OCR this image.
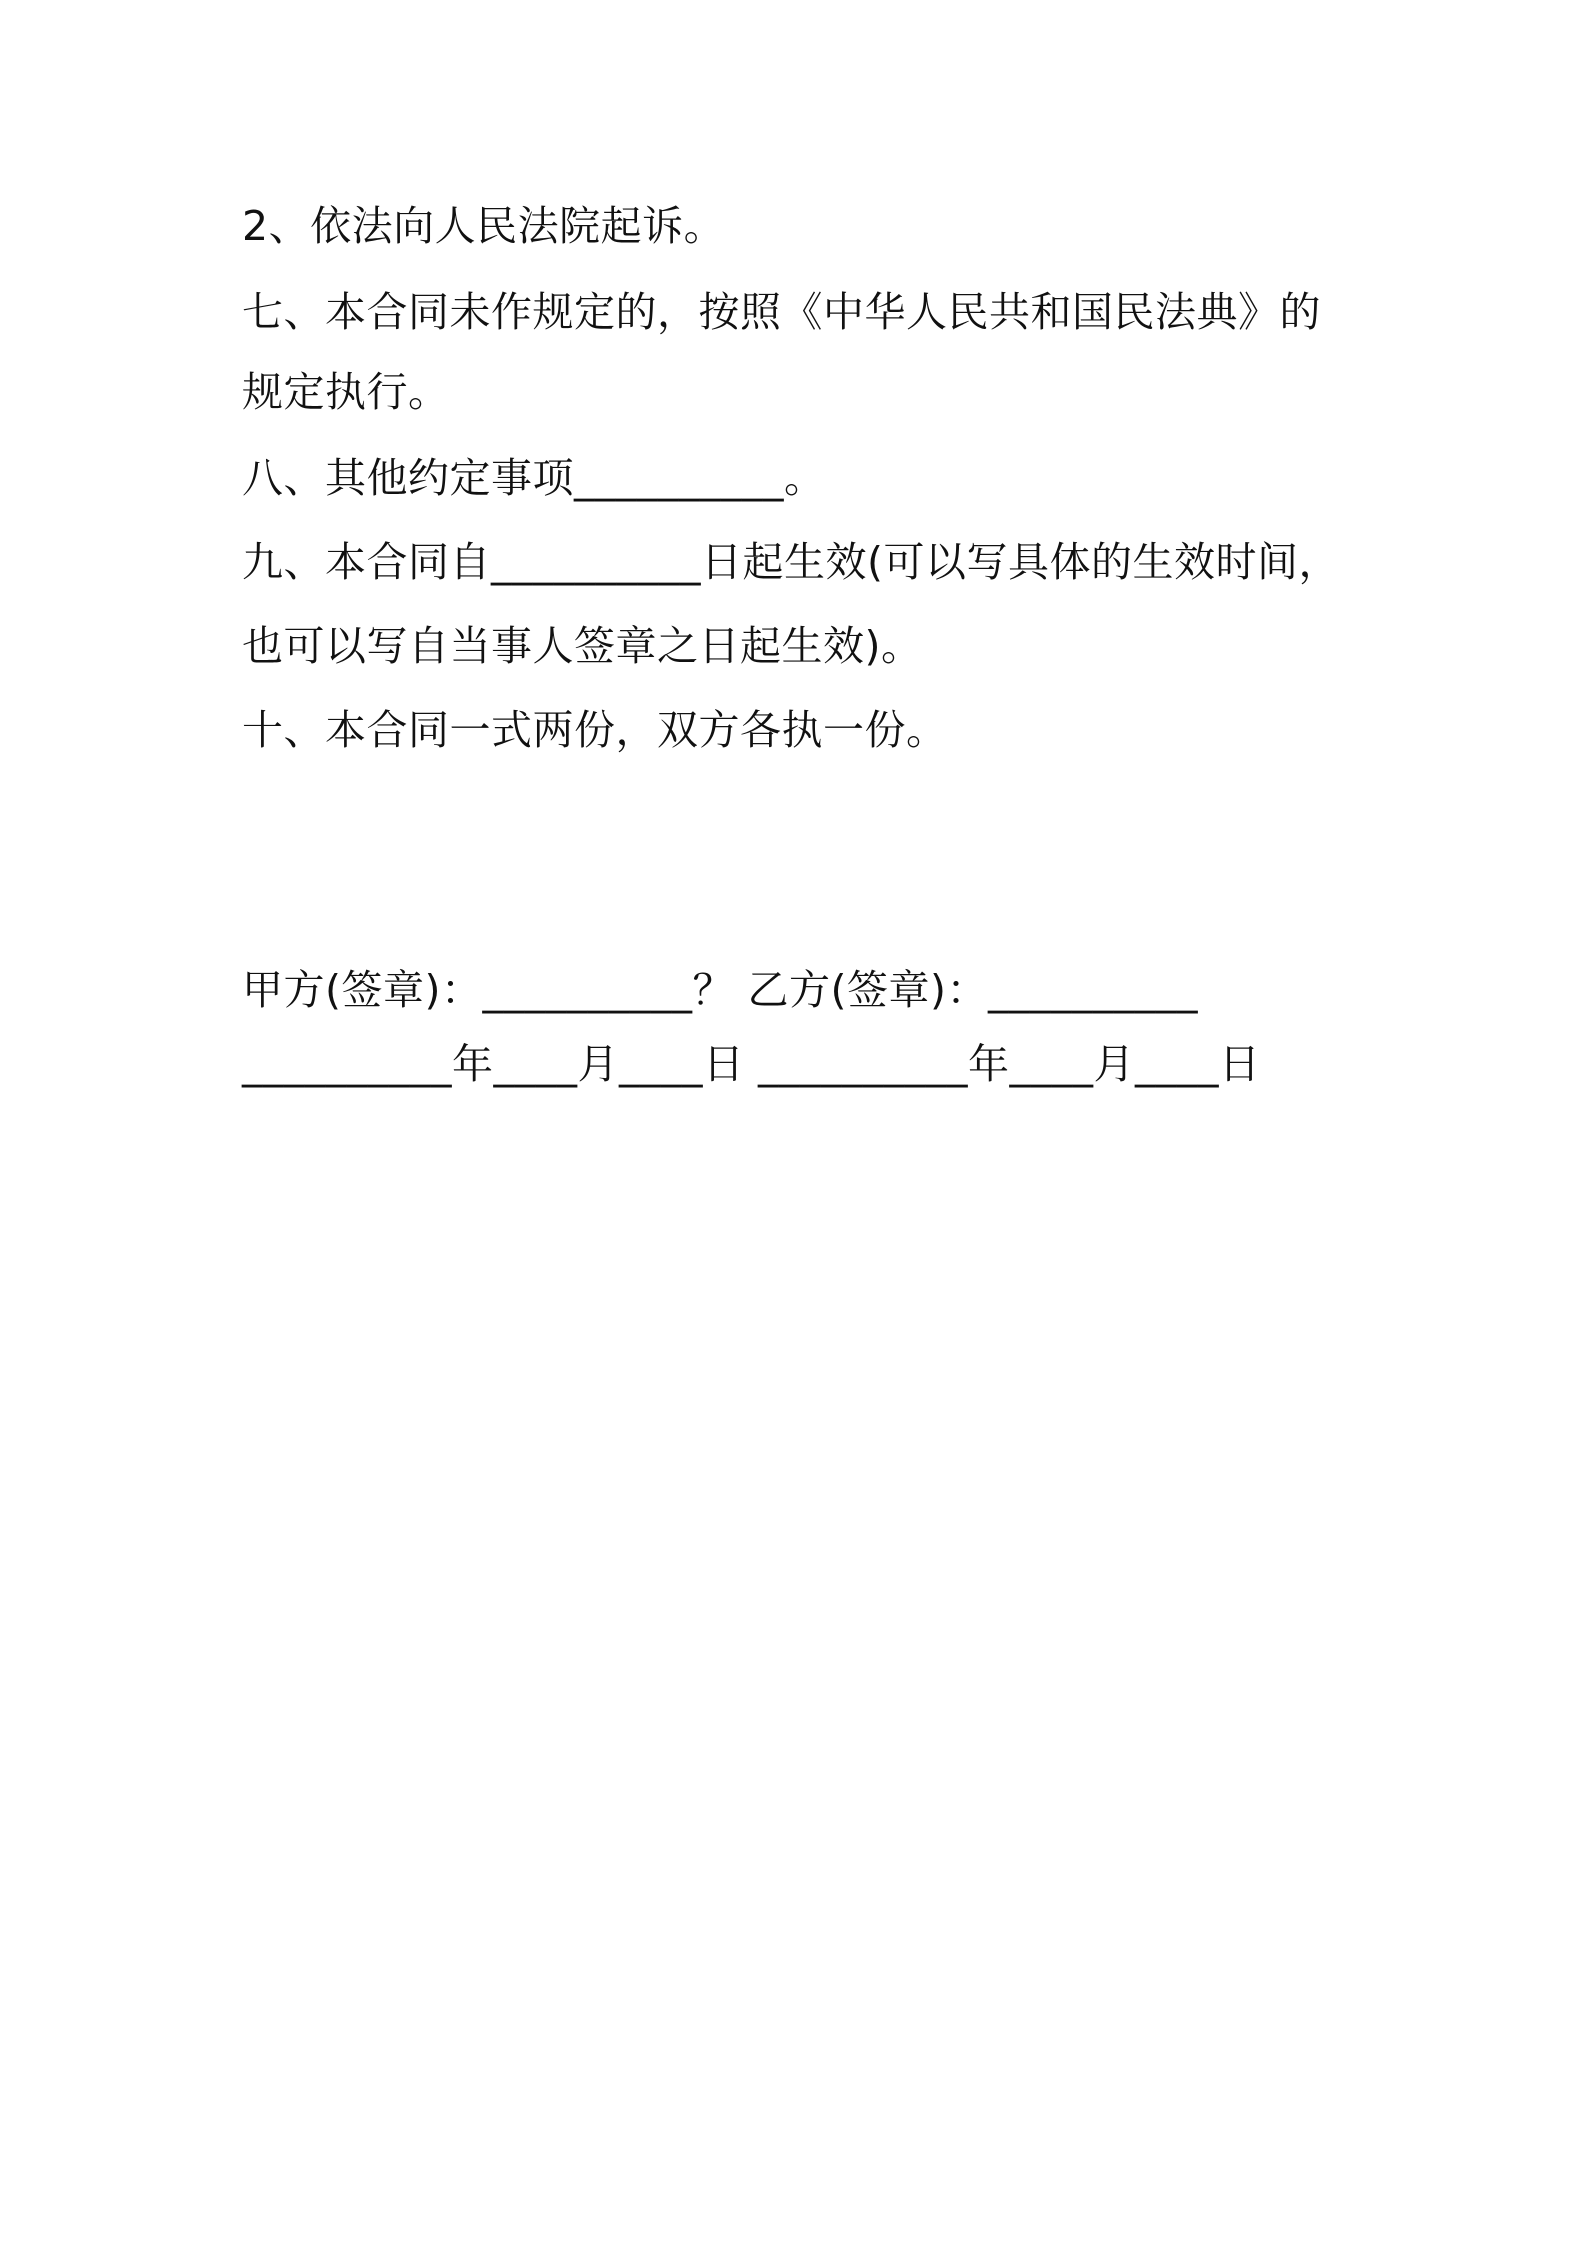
2、依法向人民法院起诉。
七、本合同未作规定的，按照《中华人民共和国民法典》的
规定执行。
八、其他约定事项__________。
九、本合同自__________日起生效(可以写具体的生效时间，
也可以写自当事人签章之日起生效)。
十、本合同一式两份，双方各执一份。
甲方(签章)：__________？ 乙方(签章)：__________
__________年____月____日 __________年____月____日
